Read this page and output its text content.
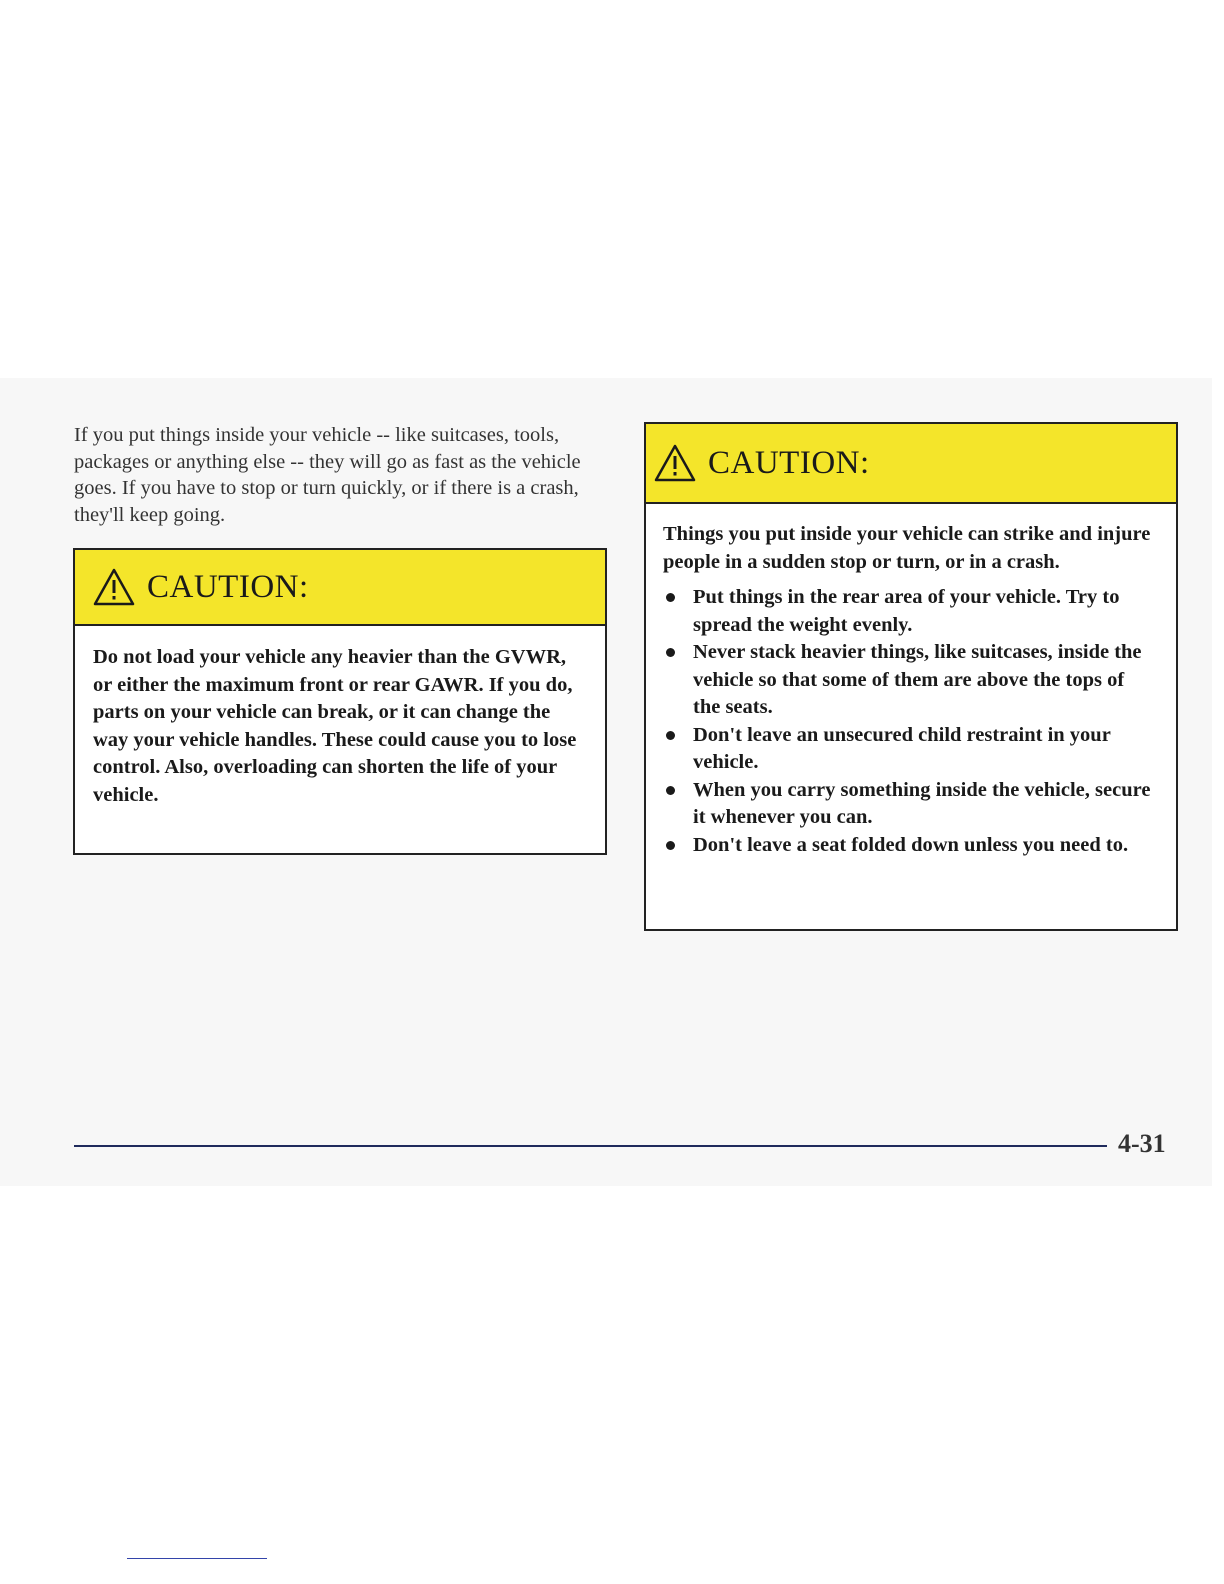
If you put things inside your vehicle -- like suitcases, tools, packages or anything else -- they will go as fast as the vehicle goes. If you have to stop or turn quickly, or if there is a crash, they'll keep going.

CAUTION:

Do not load your vehicle any heavier than the GVWR, or either the maximum front or rear GAWR. If you do, parts on your vehicle can break, or it can change the way your vehicle handles. These could cause you to lose control. Also, overloading can shorten the life of your vehicle.

CAUTION:

Things you put inside your vehicle can strike and injure people in a sudden stop or turn, or in a crash.

Put things in the rear area of your vehicle. Try to spread the weight evenly.
Never stack heavier things, like suitcases, inside the vehicle so that some of them are above the tops of the seats.
Don't leave an unsecured child restraint in your vehicle.
When you carry something inside the vehicle, secure it whenever you can.
Don't leave a seat folded down unless you need to.
4-31
